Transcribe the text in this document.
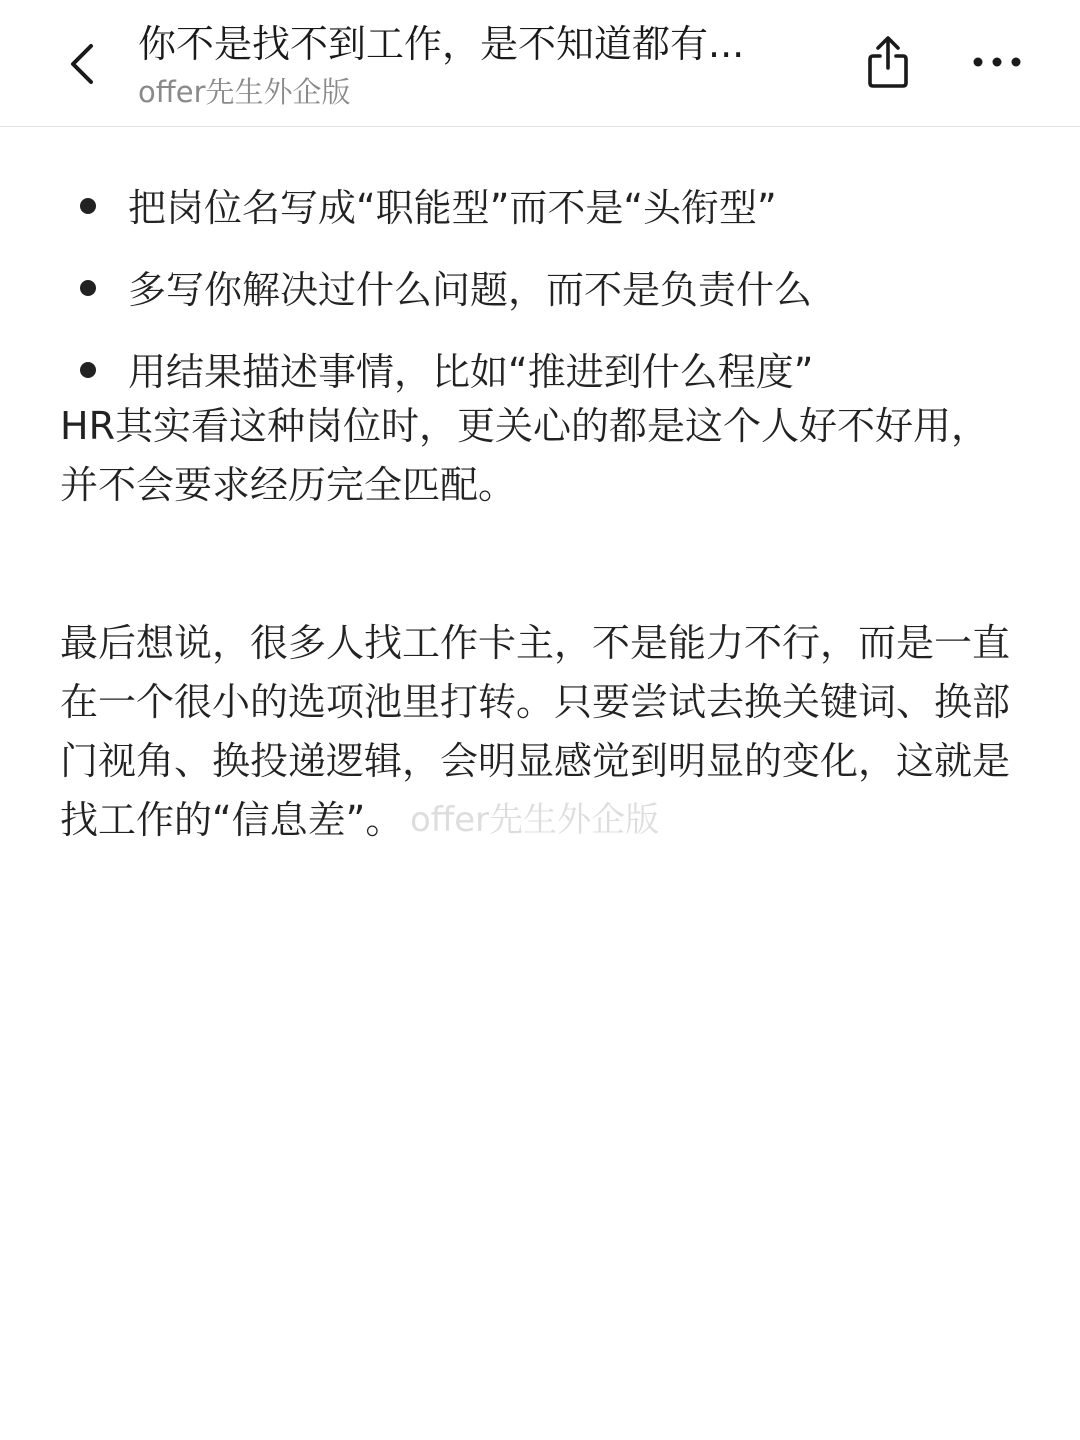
你不是找不到工作，是不知道都有...
offer先生外企版
把岗位名写成“职能型”而不是“头衔型”
多写你解决过什么问题，而不是负责什么
用结果描述事情，比如“推进到什么程度”

HR其实看这种岗位时，更关心的都是这个人好不好用，并不会要求经历完全匹配。

最后想说，很多人找工作卡主，不是能力不行，而是一直在一个很小的选项池里打转。只要尝试去换关键词、换部门视角、换投递逻辑，会明显感觉到明显的变化，这就是找工作的“信息差”。 offer先生外企版
